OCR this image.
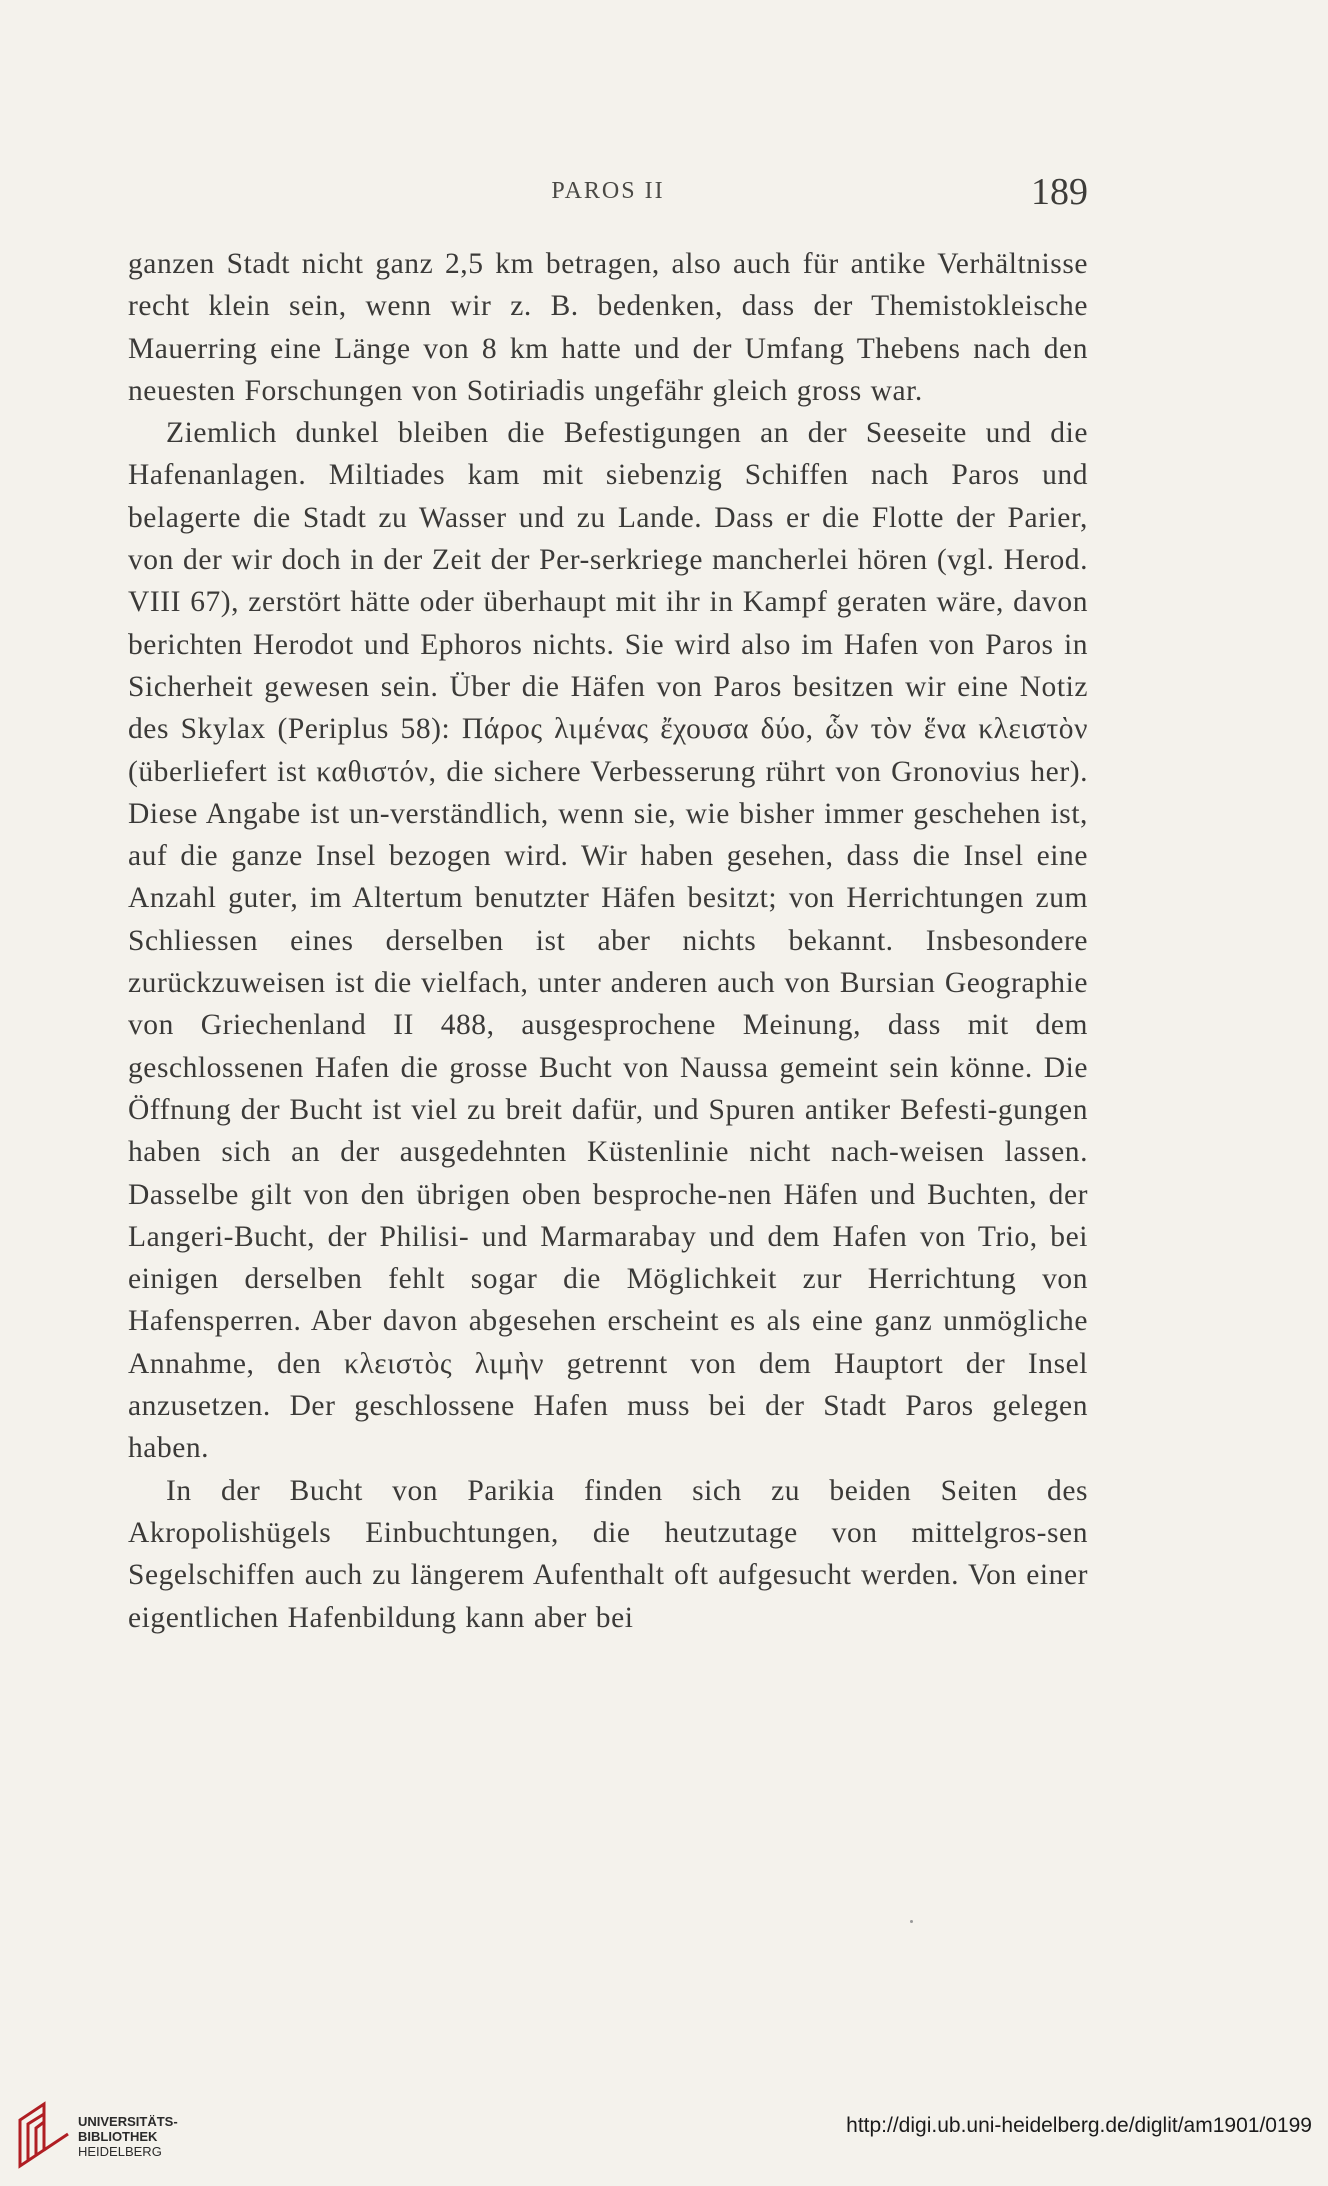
PAROS II	189

ganzen Stadt nicht ganz 2,5 km betragen, also auch für antike Verhältnisse recht klein sein, wenn wir z. B. bedenken, dass der Themistokleische Mauerring eine Länge von 8 km hatte und der Umfang Thebens nach den neuesten Forschungen von Sotiriadis ungefähr gleich gross war.

Ziemlich dunkel bleiben die Befestigungen an der Seeseite und die Hafenanlagen. Miltiades kam mit siebenzig Schiffen nach Paros und belagerte die Stadt zu Wasser und zu Lande. Dass er die Flotte der Parier, von der wir doch in der Zeit der Per-serkriege mancherlei hören (vgl. Herod. VIII 67), zerstört hätte oder überhaupt mit ihr in Kampf geraten wäre, davon berichten Herodot und Ephoros nichts. Sie wird also im Hafen von Paros in Sicherheit gewesen sein. Über die Häfen von Paros besitzen wir eine Notiz des Skylax (Periplus 58): Πάρος λιμένας ἔχουσα δύο, ὧν τὸν ἕνα κλειστὸν (überliefert ist καθιστόν, die sichere Verbesserung rührt von Gronovius her). Diese Angabe ist un-verständlich, wenn sie, wie bisher immer geschehen ist, auf die ganze Insel bezogen wird. Wir haben gesehen, dass die Insel eine Anzahl guter, im Altertum benutzter Häfen besitzt; von Herrichtungen zum Schliessen eines derselben ist aber nichts bekannt. Insbesondere zurückzuweisen ist die vielfach, unter anderen auch von Bursian Geographie von Griechenland II 488, ausgesprochene Meinung, dass mit dem geschlossenen Hafen die grosse Bucht von Naussa gemeint sein könne. Die Öffnung der Bucht ist viel zu breit dafür, und Spuren antiker Befesti-gungen haben sich an der ausgedehnten Küstenlinie nicht nach-weisen lassen. Dasselbe gilt von den übrigen oben besproche-nen Häfen und Buchten, der Langeri-Bucht, der Philisi- und Marmarabay und dem Hafen von Trio, bei einigen derselben fehlt sogar die Möglichkeit zur Herrichtung von Hafensperren. Aber davon abgesehen erscheint es als eine ganz unmögliche Annahme, den κλειστὸς λιμὴν getrennt von dem Hauptort der Insel anzusetzen. Der geschlossene Hafen muss bei der Stadt Paros gelegen haben.

In der Bucht von Parikia finden sich zu beiden Seiten des Akropolishügels Einbuchtungen, die heutzutage von mittelgros-sen Segelschiffen auch zu längerem Aufenthalt oft aufgesucht werden. Von einer eigentlichen Hafenbildung kann aber bei

UNIVERSITÄTS-
BIBLIOTHEK
HEIDELBERG
http://digi.ub.uni-heidelberg.de/diglit/am1901/0199
